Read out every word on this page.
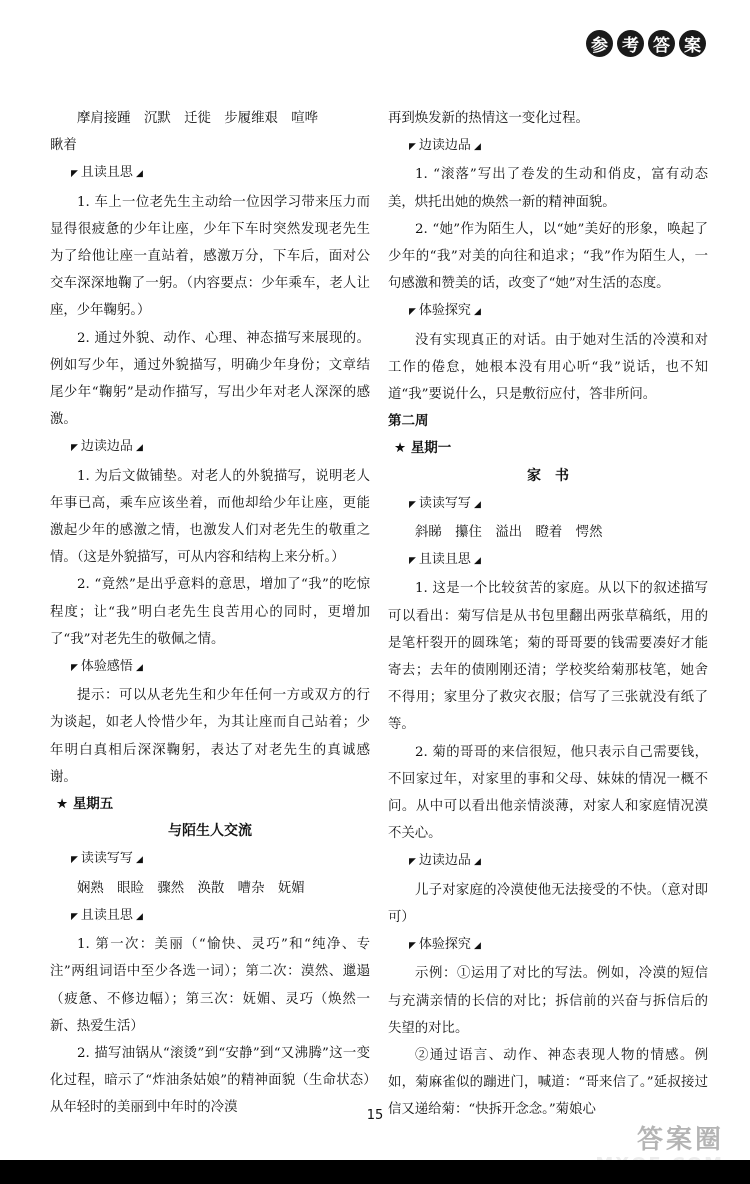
参 考 答 案

摩肩接踵　沉默　迁徙　步履维艰　喧哗

瞅着

◤ 且读且思 ◢

1. 车上一位老先生主动给一位因学习带来压力而显得很疲惫的少年让座，少年下车时突然发现老先生为了给他让座一直站着，感激万分，下车后，面对公交车深深地鞠了一躬。（内容要点：少年乘车，老人让座，少年鞠躬。）

2. 通过外貌、动作、心理、神态描写来展现的。例如写少年，通过外貌描写，明确少年身份；文章结尾少年“鞠躬”是动作描写，写出少年对老人深深的感激。

◤ 边读边品 ◢

1. 为后文做铺垫。对老人的外貌描写，说明老人年事已高，乘车应该坐着，而他却给少年让座，更能激起少年的感激之情，也激发人们对老先生的敬重之情。（这是外貌描写，可从内容和结构上来分析。）

2. “竟然”是出乎意料的意思，增加了“我”的吃惊程度；让“我”明白老先生良苦用心的同时，更增加了“我”对老先生的敬佩之情。

◤ 体验感悟 ◢

提示：可以从老先生和少年任何一方或双方的行为谈起，如老人怜惜少年，为其让座而自己站着；少年明白真相后深深鞠躬，表达了对老先生的真诚感谢。

★ 星期五

与陌生人交流

◤ 读读写写 ◢

娴熟　眼睑　骤然　涣散　嘈杂　妩媚

◤ 且读且思 ◢

1. 第一次：美丽（“愉快、灵巧”和“纯净、专注”两组词语中至少各选一词）；第二次：漠然、邋遢（疲惫、不修边幅）；第三次：妩媚、灵巧（焕然一新、热爱生活）

2. 描写油锅从“滚烫”到“安静”到“又沸腾”这一变化过程，暗示了“炸油条姑娘”的精神面貌（生命状态）从年轻时的美丽到中年时的冷漠

再到焕发新的热情这一变化过程。

◤ 边读边品 ◢

1. “滚落”写出了卷发的生动和俏皮，富有动态美，烘托出她的焕然一新的精神面貌。

2. “她”作为陌生人，以“她”美好的形象，唤起了少年的“我”对美的向往和追求；“我”作为陌生人，一句感激和赞美的话，改变了“她”对生活的态度。

◤ 体验探究 ◢

没有实现真正的对话。由于她对生活的冷漠和对工作的倦怠，她根本没有用心听“我”说话，也不知道“我”要说什么，只是敷衍应付，答非所问。

第二周

★ 星期一

家　书

◤ 读读写写 ◢

斜睇　攥住　溢出　瞪着　愕然

◤ 且读且思 ◢

1. 这是一个比较贫苦的家庭。从以下的叙述描写可以看出：菊写信是从书包里翻出两张草稿纸，用的是笔杆裂开的圆珠笔；菊的哥哥要的钱需要凑好才能寄去；去年的债刚刚还清；学校奖给菊那枝笔，她舍不得用；家里分了救灾衣服；信写了三张就没有纸了等。

2. 菊的哥哥的来信很短，他只表示自己需要钱，不回家过年，对家里的事和父母、妹妹的情况一概不问。从中可以看出他亲情淡薄，对家人和家庭情况漠不关心。

◤ 边读边品 ◢

儿子对家庭的冷漠使他无法接受的不快。（意对即可）

◤ 体验探究 ◢

示例：①运用了对比的写法。例如，冷漠的短信与充满亲情的长信的对比；拆信前的兴奋与拆信后的失望的对比。

②通过语言、动作、神态表现人物的情感。例如，菊麻雀似的蹦进门，喊道：“哥来信了。”延叔接过信又递给菊：“快拆开念念。”菊娘心

15
答案圈
